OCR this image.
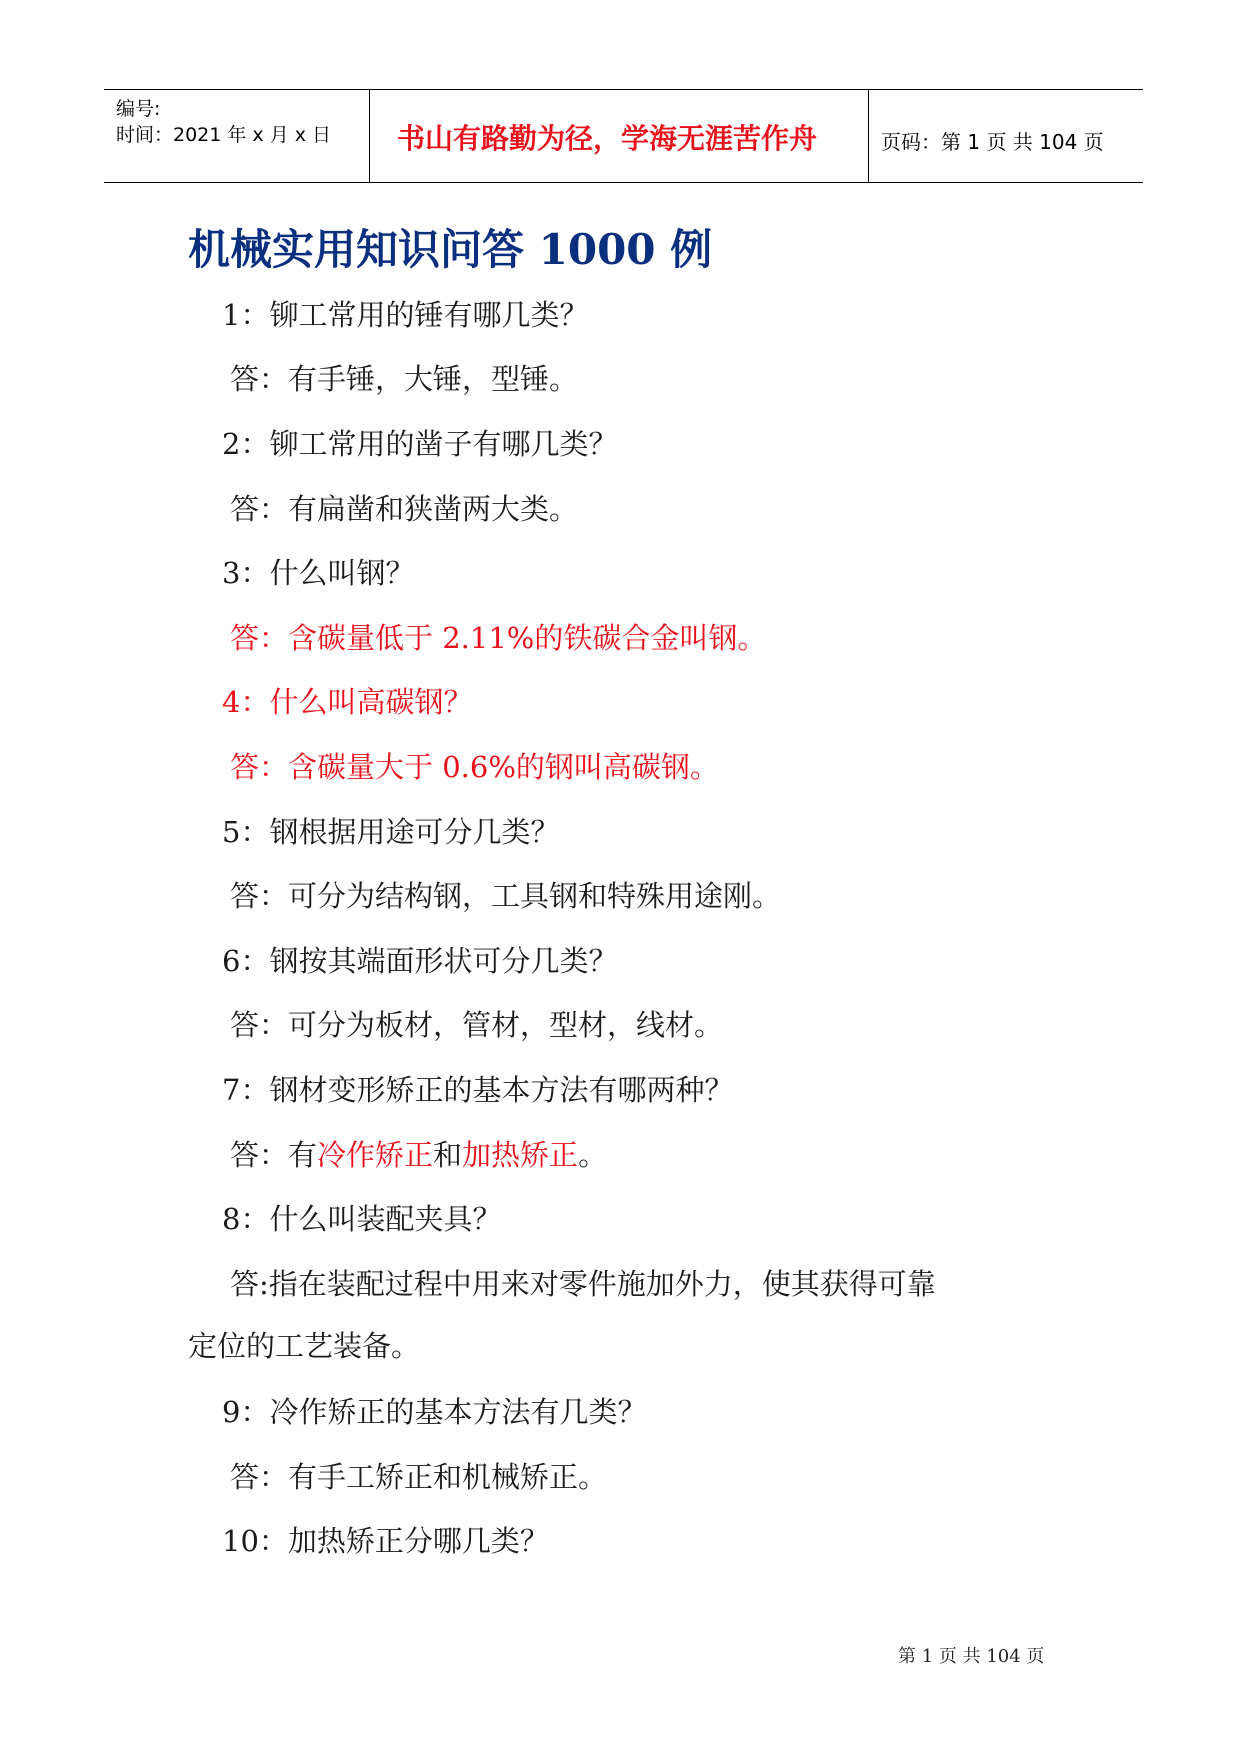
编号:
时间：2021 年 x 月 x 日 书山有路勤为径，学海无涯苦作舟	页码：第 1 页 共 104 页
机械实用知识问答 1000 例
1：铆工常用的锤有哪几类？
答：有手锤，大锤，型锤。
2：铆工常用的凿子有哪几类？
答：有扁凿和狭凿两大类。
3：什么叫钢？
答：含碳量低于 2.11%的铁碳合金叫钢。
4：什么叫高碳钢？
答：含碳量大于 0.6%的钢叫高碳钢。
5：钢根据用途可分几类？
答：可分为结构钢，工具钢和特殊用途刚。
6：钢按其端面形状可分几类？
答：可分为板材，管材，型材，线材。
7：钢材变形矫正的基本方法有哪两种？
答：有冷作矫正和加热矫正。
8：什么叫装配夹具？
答:指在装配过程中用来对零件施加外力，使其获得可靠
定位的工艺装备。
9：冷作矫正的基本方法有几类？
答：有手工矫正和机械矫正。
10：加热矫正分哪几类？
第 1 页 共 104 页
